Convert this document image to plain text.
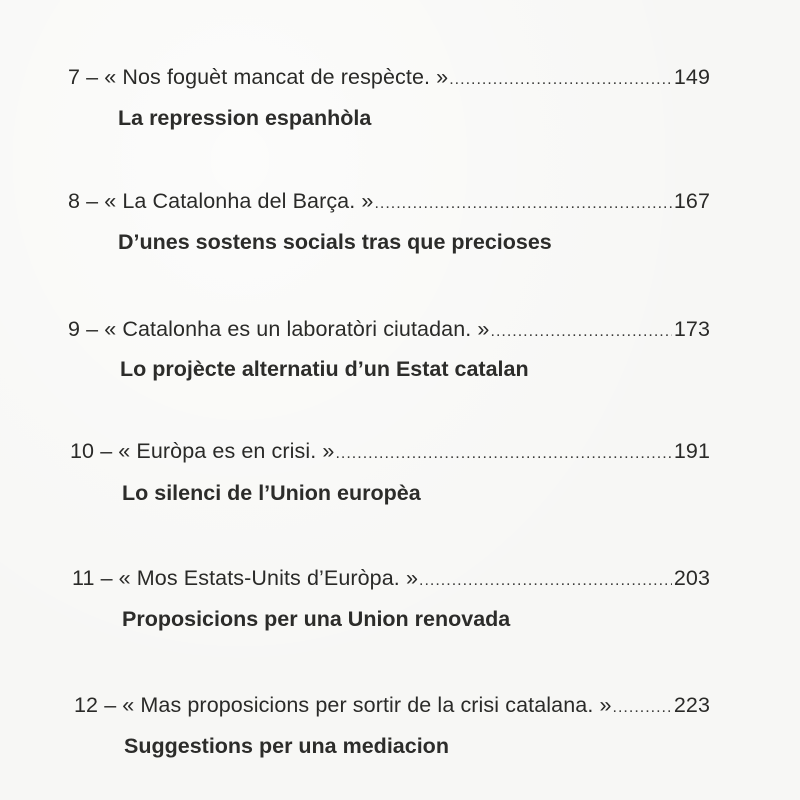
7 – « Nos foguèt mancat de respècte. » .....	149
La repression espanhòla
8 – « La Catalonha del Barça. » .....	167
D’unes sostens socials tras que precioses
9 – « Catalonha es un laboratòri ciutadan. » .....	173
Lo projècte alternatiu d’un Estat catalan
10 – « Euròpa es en crisi. » .....	191
Lo silenci de l’Union europèa
11 – « Mos Estats-Units d’Euròpa. » .....	203
Proposicions per una Union renovada
12 – « Mas proposicions per sortir de la crisi catalana. » .....	223
Suggestions per una mediacion
